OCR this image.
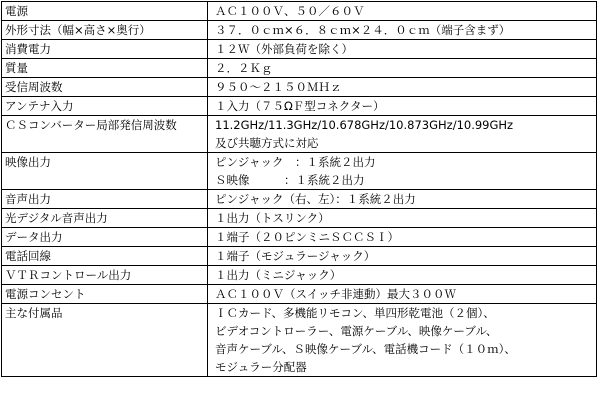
電源	ＡＣ１００Ｖ、５０／６０Ｖ

外形寸法（幅×高さ×奥行）	３７．０ｃｍ×６．８ｃｍ×２４．０ｃｍ（端子含まず）

消費電力	１２Ｗ（外部負荷を除く）

質量	２．２Ｋｇ

受信周波数	９５０～２１５０ＭＨｚ

アンテナ入力	１入力（７５ΩＦ型コネクター）

ＣＳコンバーター局部発信周波数	11.2GHz/11.3GHz/10.678GHz/10.873GHz/10.99GHz
及び共聴方式に対応

映像出力	ピンジャック　：１系統２出力
Ｓ映像　　　：１系統２出力

音声出力	ピンジャック（右、左）：１系統２出力

光デジタル音声出力	１出力（トスリンク）

データ出力	１端子（２０ピンミニＳＣＣＳＩ）

電話回線	１端子（モジュラージャック）

ＶＴＲコントロール出力	１出力（ミニジャック）

電源コンセント	ＡＣ１００Ｖ（スイッチ非連動）最大３００Ｗ

主な付属品	ＩＣカード、多機能リモコン、単四形乾電池（２個）、
ビデオコントローラー、電源ケーブル、映像ケーブル、
音声ケーブル、Ｓ映像ケーブル、電話機コード（１０ｍ）、
モジュラー分配器
